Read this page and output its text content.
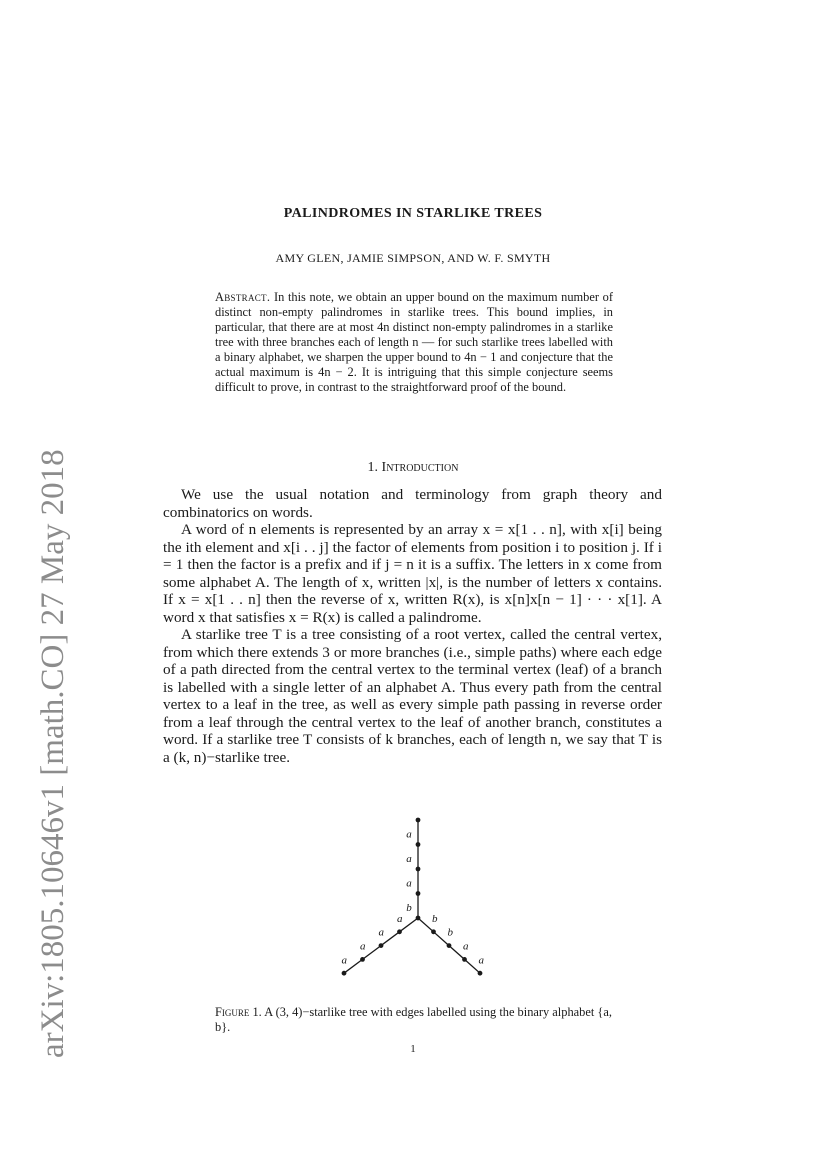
arXiv:1805.10646v1 [math.CO] 27 May 2018
PALINDROMES IN STARLIKE TREES
AMY GLEN, JAMIE SIMPSON, AND W. F. SMYTH
Abstract. In this note, we obtain an upper bound on the maximum number of distinct non-empty palindromes in starlike trees. This bound implies, in particular, that there are at most 4n distinct non-empty palindromes in a starlike tree with three branches each of length n — for such starlike trees labelled with a binary alphabet, we sharpen the upper bound to 4n − 1 and conjecture that the actual maximum is 4n − 2. It is intriguing that this simple conjecture seems difficult to prove, in contrast to the straightforward proof of the bound.
1. Introduction

We use the usual notation and terminology from graph theory and combinatorics on words.

A word of n elements is represented by an array x = x[1 . . n], with x[i] being the ith element and x[i . . j] the factor of elements from position i to position j. If i = 1 then the factor is a prefix and if j = n it is a suffix. The letters in x come from some alphabet A. The length of x, written |x|, is the number of letters x contains. If x = x[1 . . n] then the reverse of x, written R(x), is x[n]x[n − 1] · · · x[1]. A word x that satisfies x = R(x) is called a palindrome.

A starlike tree T is a tree consisting of a root vertex, called the central vertex, from which there extends 3 or more branches (i.e., simple paths) where each edge of a path directed from the central vertex to the terminal vertex (leaf) of a branch is labelled with a single letter of an alphabet A. Thus every path from the central vertex to a leaf in the tree, as well as every simple path passing in reverse order from a leaf through the central vertex to the leaf of another branch, constitutes a word. If a starlike tree T consists of k branches, each of length n, we say that T is a (k, n)−starlike tree.

b
a
a
a
a
a
a
a
b
b
a
a
Figure 1. A (3, 4)−starlike tree with edges labelled using the binary alphabet {a, b}.
1
